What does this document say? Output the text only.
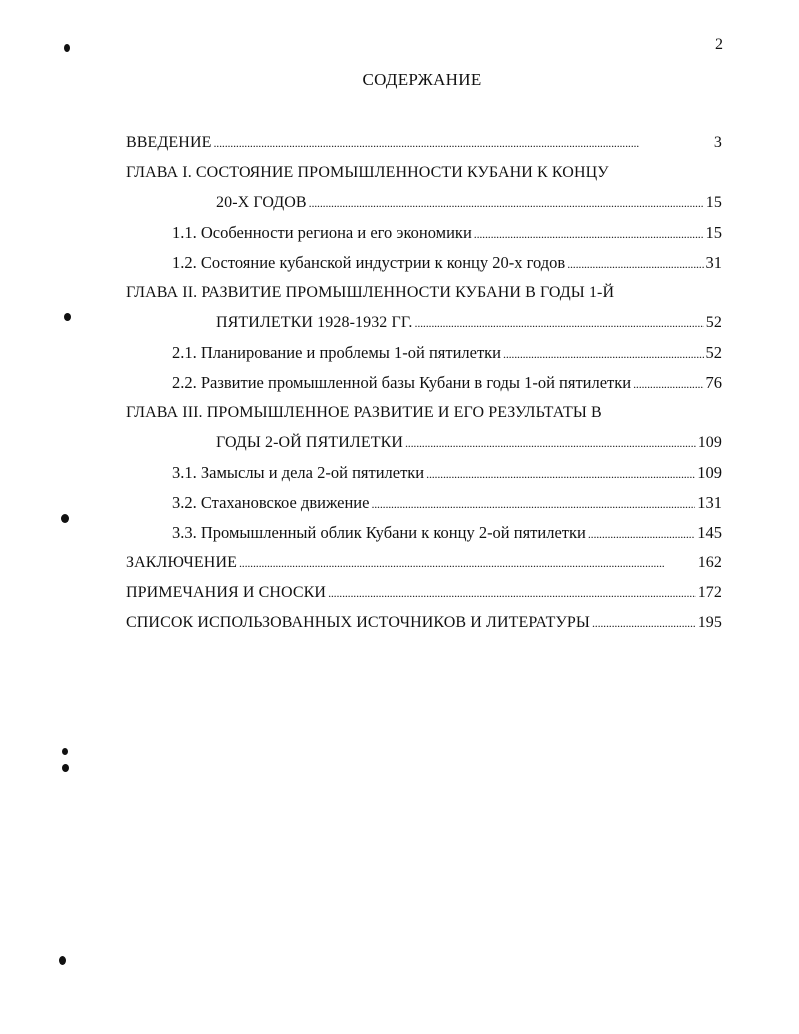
2
СОДЕРЖАНИЕ
ВВЕДЕНИЕ . . .	3
ГЛАВА I. СОСТОЯНИЕ ПРОМЫШЛЕННОСТИ КУБАНИ К КОНЦУ
20-Х ГОДОВ . . .	15
1.1. Особенности региона и его экономики . . .	15
1.2. Состояние кубанской индустрии к концу 20-х годов . . .	31
ГЛАВА II. РАЗВИТИЕ ПРОМЫШЛЕННОСТИ КУБАНИ В ГОДЫ 1-Й
ПЯТИЛЕТКИ 1928-1932 ГГ. . . .	52
2.1. Планирование и проблемы 1-ой пятилетки . . .	52
2.2. Развитие промышленной базы Кубани в годы 1-ой пятилетки . . .	76
ГЛАВА III. ПРОМЫШЛЕННОЕ РАЗВИТИЕ И ЕГО РЕЗУЛЬТАТЫ В
ГОДЫ 2-ОЙ ПЯТИЛЕТКИ . . .	109
3.1. Замыслы и дела 2-ой пятилетки . . .	109
3.2. Стахановское движение . . .	131
3.3. Промышленный облик Кубани к концу 2-ой пятилетки . . .	145
ЗАКЛЮЧЕНИЕ . . .	162
ПРИМЕЧАНИЯ И СНОСКИ . . .	172
СПИСОК ИСПОЛЬЗОВАННЫХ ИСТОЧНИКОВ И ЛИТЕРАТУРЫ . . .	195
